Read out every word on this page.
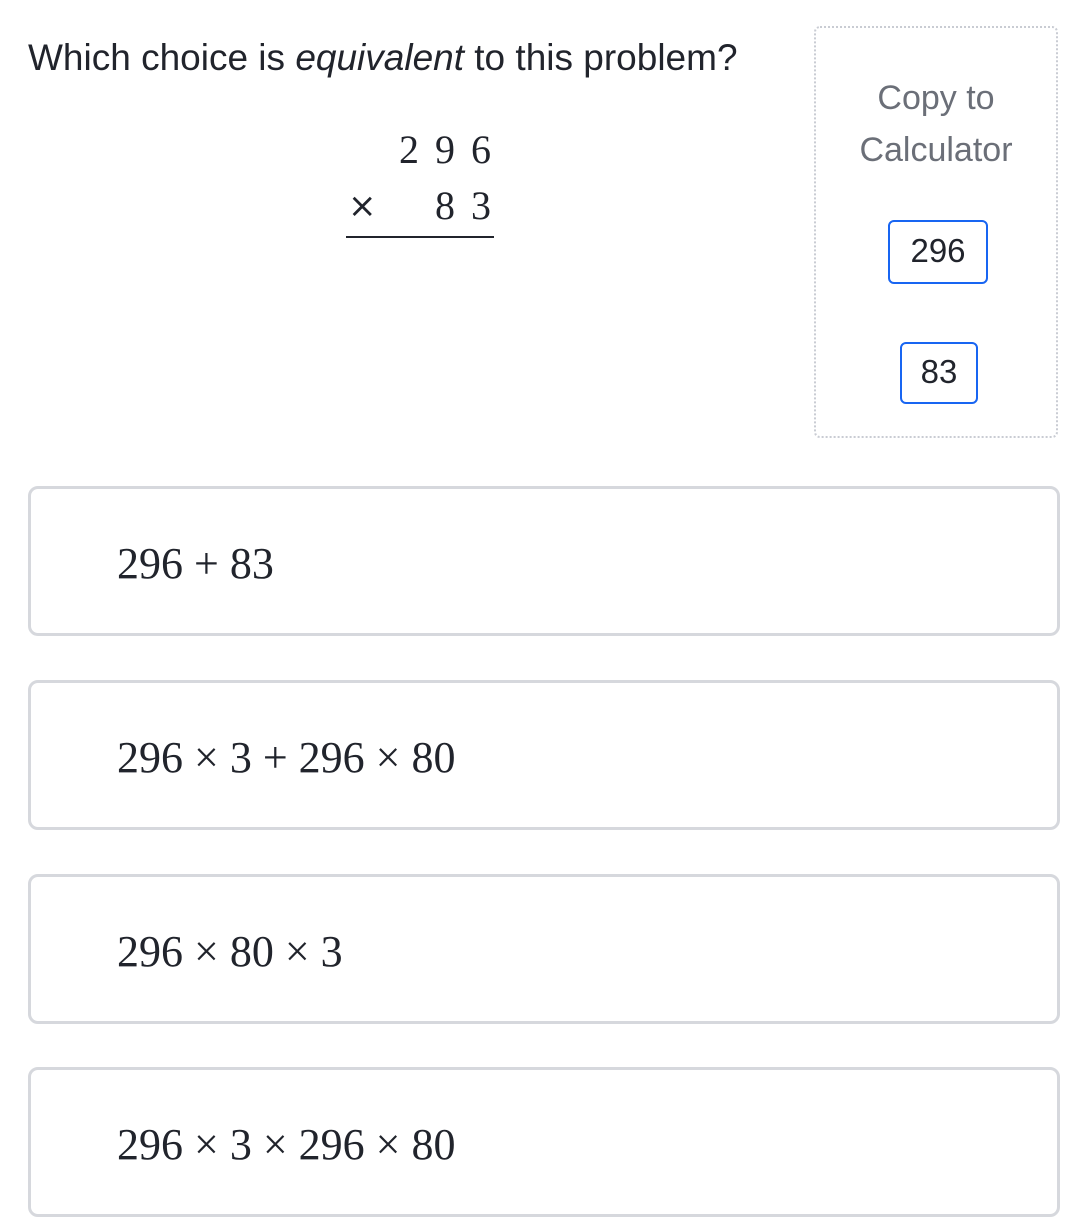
Which choice is equivalent to this problem?
2 9 6
× 8 3
Copy to
Calculator
296
83
296 + 83
296 × 3 + 296 × 80
296 × 80 × 3
296 × 3 × 296 × 80
